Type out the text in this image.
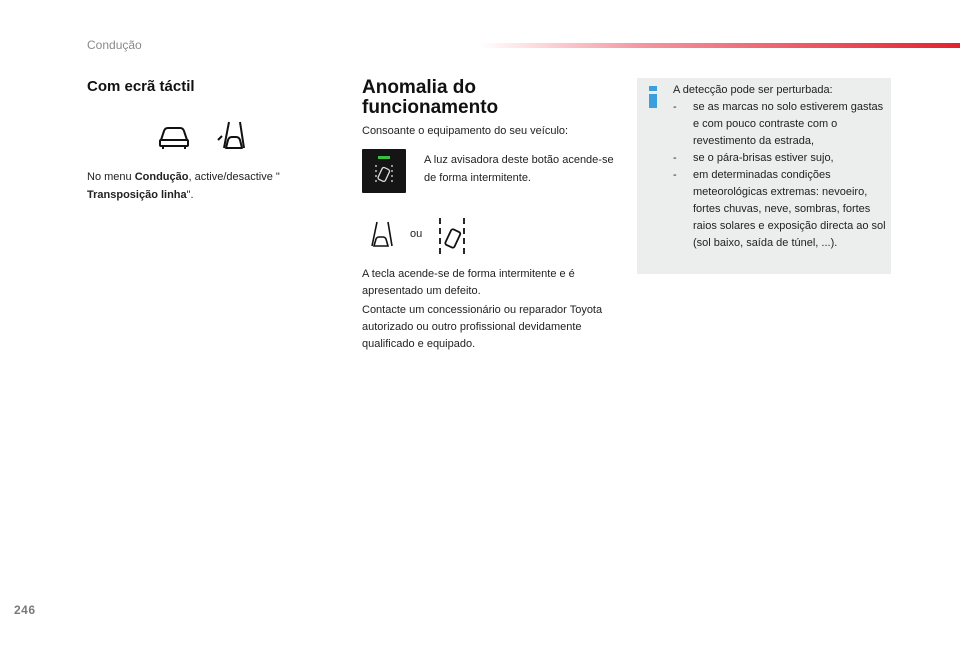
Condução
Com ecrã táctil
No menu Condução, active/desactive "
Transposição linha".
Anomalia do funcionamento
Consoante o equipamento do seu veículo:
A luz avisadora deste botão acende-se de forma intermitente.
ou
A tecla acende-se de forma intermitente e é apresentado um defeito.
Contacte um concessionário ou reparador Toyota autorizado ou outro profissional devidamente qualificado e equipado.
A detecção pode ser perturbada:
-	se as marcas no solo estiverem gastas e com pouco contraste com o revestimento da estrada,
-	se o pára-brisas estiver sujo,
-	em determinadas condições meteorológicas extremas: nevoeiro, fortes chuvas, neve, sombras, fortes raios solares e exposição directa ao sol (sol baixo, saída de túnel, ...).
246
